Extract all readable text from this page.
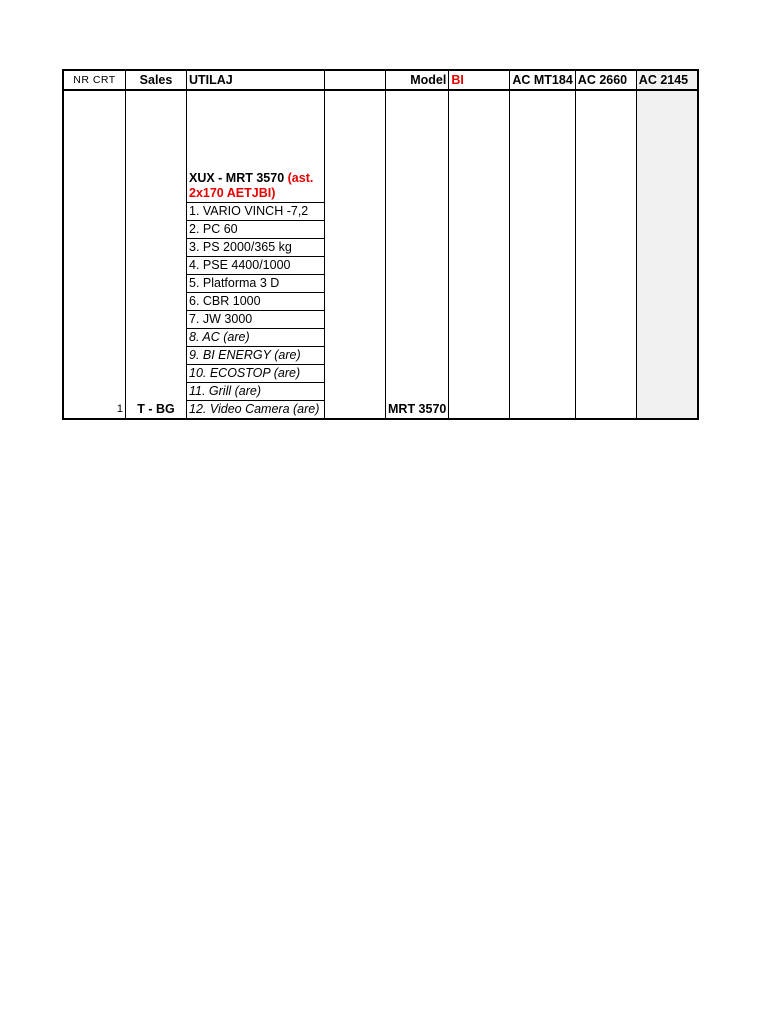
NR CRT	Sales	UTILAJ		Model	BI	AC MT184	AC 2660	AC 2145
1	T - BG	XUX - MRT 3570 (ast. 2x170 AETJBI)		MRT 3570				
		1. VARIO VINCH -7,2						
		2. PC 60						
		3. PS 2000/365 kg						
		4. PSE 4400/1000						
		5. Platforma 3 D						
		6. CBR 1000						
		7. JW 3000						
		8. AC (are)						
		9. BI ENERGY (are)						
		10. ECOSTOP (are)						
		11. Grill (are)						
		12. Video Camera (are)						
